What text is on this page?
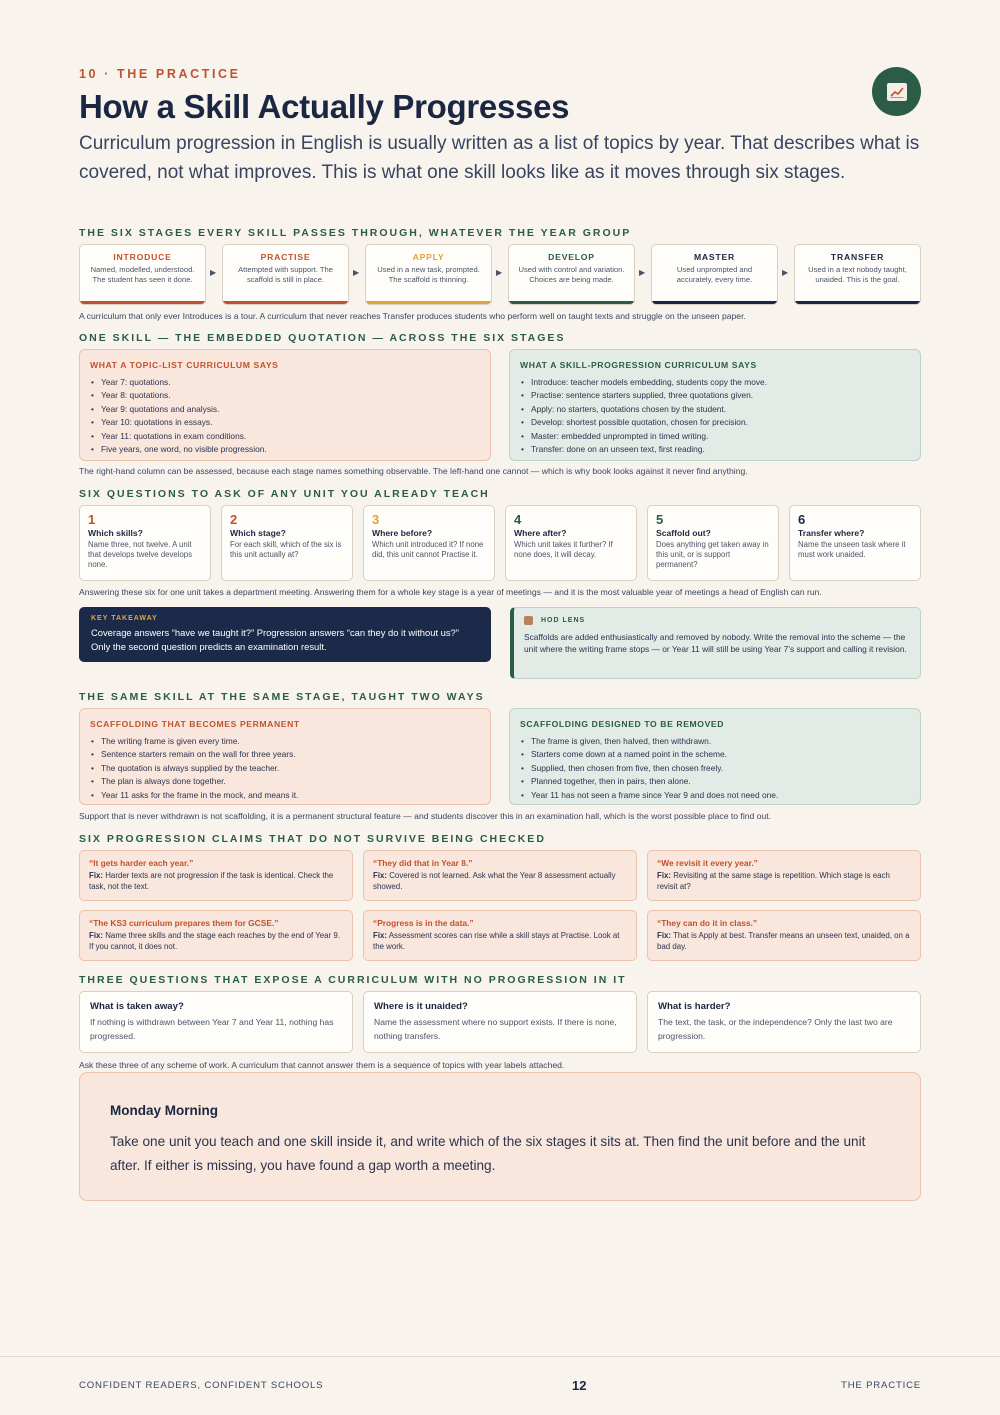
10 · THE PRACTICE
How a Skill Actually Progresses
Curriculum progression in English is usually written as a list of topics by year. That describes what is covered, not what improves. This is what one skill looks like as it moves through six stages.
THE SIX STAGES EVERY SKILL PASSES THROUGH, WHATEVER THE YEAR GROUP
INTRODUCE
Named, modelled, understood. The student has seen it done.
▶
PRACTISE
Attempted with support. The scaffold is still in place.
▶
APPLY
Used in a new task, prompted. The scaffold is thinning.
▶
DEVELOP
Used with control and variation. Choices are being made.
▶
MASTER
Used unprompted and accurately, every time.
▶
TRANSFER
Used in a text nobody taught, unaided. This is the goal.
A curriculum that only ever Introduces is a tour. A curriculum that never reaches Transfer produces students who perform well on taught texts and struggle on the unseen paper.
ONE SKILL — THE EMBEDDED QUOTATION — ACROSS THE SIX STAGES
WHAT A TOPIC-LIST CURRICULUM SAYS
• Year 7: quotations.
• Year 8: quotations.
• Year 9: quotations and analysis.
• Year 10: quotations in essays.
• Year 11: quotations in exam conditions.
• Five years, one word, no visible progression.
WHAT A SKILL-PROGRESSION CURRICULUM SAYS
• Introduce: teacher models embedding, students copy the move.
• Practise: sentence starters supplied, three quotations given.
• Apply: no starters, quotations chosen by the student.
• Develop: shortest possible quotation, chosen for precision.
• Master: embedded unprompted in timed writing.
• Transfer: done on an unseen text, first reading.
The right-hand column can be assessed, because each stage names something observable. The left-hand one cannot — which is why book looks against it never find anything.
SIX QUESTIONS TO ASK OF ANY UNIT YOU ALREADY TEACH
1
Which skills?
Name three, not twelve. A unit that develops twelve develops none.
2
Which stage?
For each skill, which of the six is this unit actually at?
3
Where before?
Which unit introduced it? If none did, this unit cannot Practise it.
4
Where after?
Which unit takes it further? If none does, it will decay.
5
Scaffold out?
Does anything get taken away in this unit, or is support permanent?
6
Transfer where?
Name the unseen task where it must work unaided.
Answering these six for one unit takes a department meeting. Answering them for a whole key stage is a year of meetings — and it is the most valuable year of meetings a head of English can run.
KEY TAKEAWAY
Coverage answers “have we taught it?” Progression answers “can they do it without us?” Only the second question predicts an examination result.
HOD LENS
Scaffolds are added enthusiastically and removed by nobody. Write the removal into the scheme — the unit where the writing frame stops — or Year 11 will still be using Year 7’s support and calling it revision.
THE SAME SKILL AT THE SAME STAGE, TAUGHT TWO WAYS
SCAFFOLDING THAT BECOMES PERMANENT
• The writing frame is given every time.
• Sentence starters remain on the wall for three years.
• The quotation is always supplied by the teacher.
• The plan is always done together.
• Year 11 asks for the frame in the mock, and means it.
SCAFFOLDING DESIGNED TO BE REMOVED
• The frame is given, then halved, then withdrawn.
• Starters come down at a named point in the scheme.
• Supplied, then chosen from five, then chosen freely.
• Planned together, then in pairs, then alone.
• Year 11 has not seen a frame since Year 9 and does not need one.
Support that is never withdrawn is not scaffolding, it is a permanent structural feature — and students discover this in an examination hall, which is the worst possible place to find out.
SIX PROGRESSION CLAIMS THAT DO NOT SURVIVE BEING CHECKED
“It gets harder each year.”
Fix: Harder texts are not progression if the task is identical. Check the task, not the text.
“They did that in Year 8.”
Fix: Covered is not learned. Ask what the Year 8 assessment actually showed.
“We revisit it every year.”
Fix: Revisiting at the same stage is repetition. Which stage is each revisit at?
“The KS3 curriculum prepares them for GCSE.”
Fix: Name three skills and the stage each reaches by the end of Year 9. If you cannot, it does not.
“Progress is in the data.”
Fix: Assessment scores can rise while a skill stays at Practise. Look at the work.
“They can do it in class.”
Fix: That is Apply at best. Transfer means an unseen text, unaided, on a bad day.
THREE QUESTIONS THAT EXPOSE A CURRICULUM WITH NO PROGRESSION IN IT
What is taken away?
If nothing is withdrawn between Year 7 and Year 11, nothing has progressed.
Where is it unaided?
Name the assessment where no support exists. If there is none, nothing transfers.
What is harder?
The text, the task, or the independence? Only the last two are progression.
Ask these three of any scheme of work. A curriculum that cannot answer them is a sequence of topics with year labels attached.
Monday Morning
Take one unit you teach and one skill inside it, and write which of the six stages it sits at. Then find the unit before and the unit after. If either is missing, you have found a gap worth a meeting.
CONFIDENT READERS, CONFIDENT SCHOOLS	12	THE PRACTICE
